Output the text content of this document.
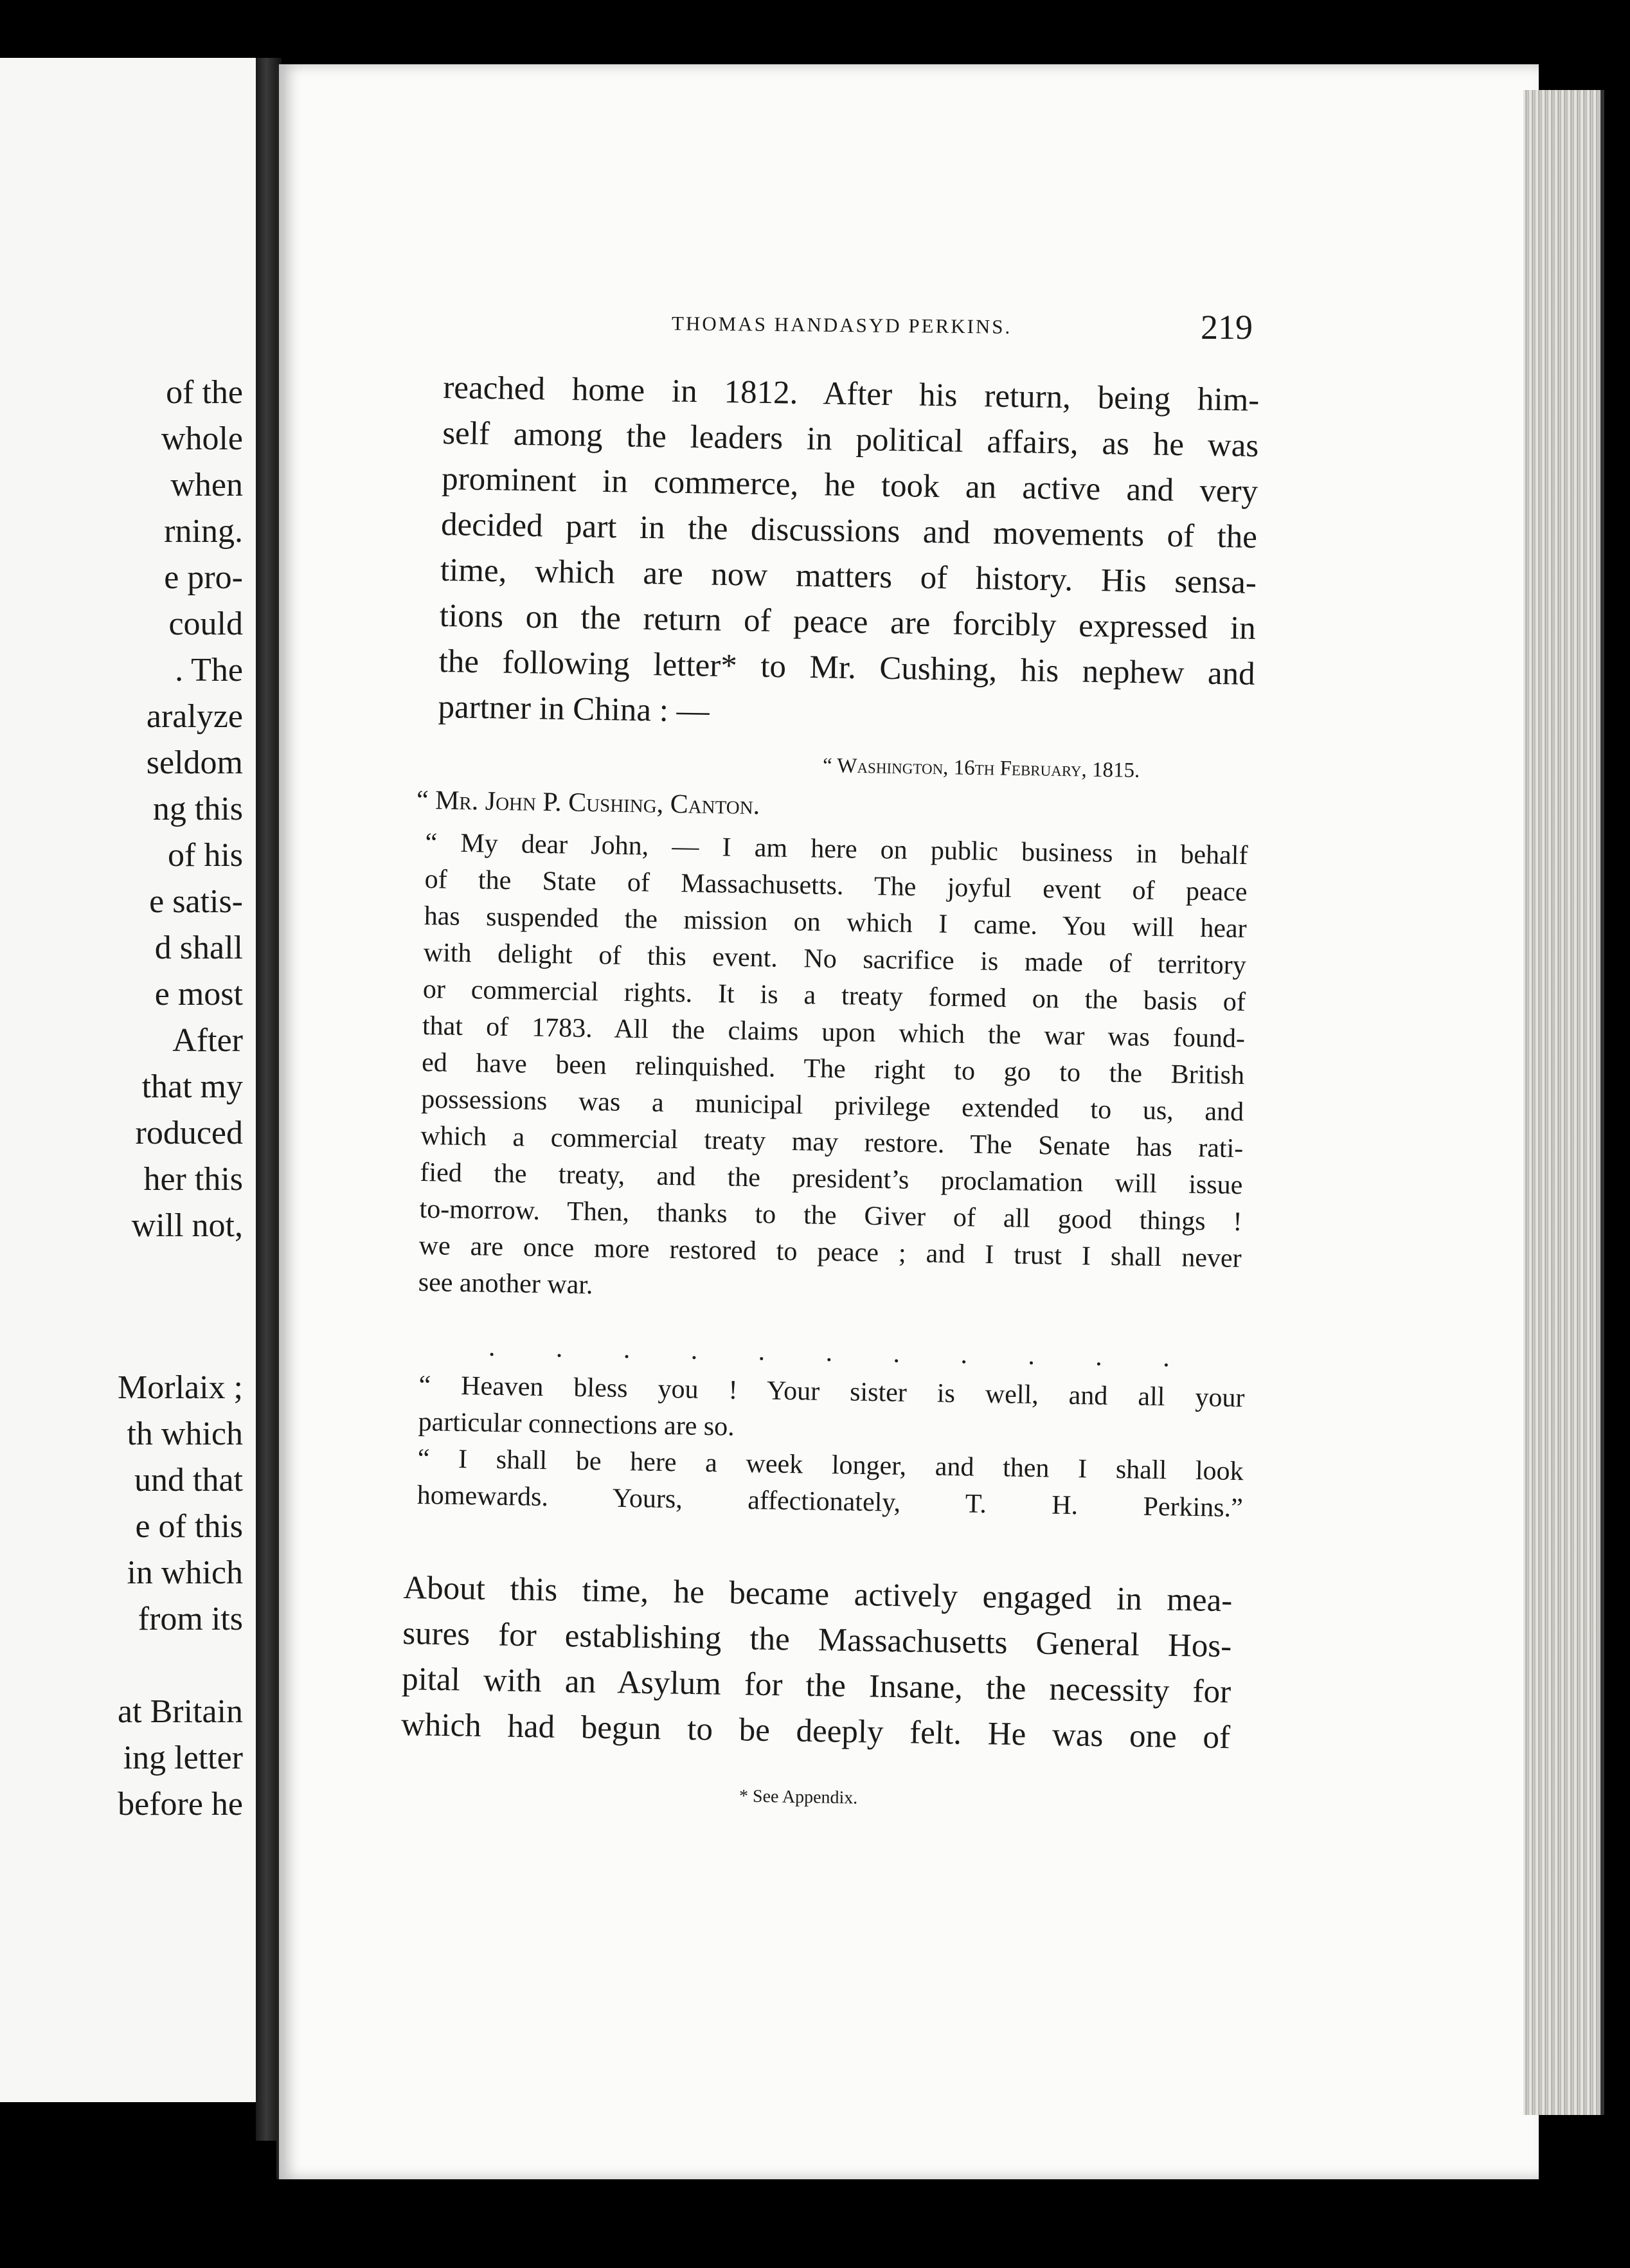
of the
whole
when
rning.
e pro-
could
. The
aralyze
seldom
ng this
of his
e satis-
d shall
e most
After
that my
roduced
her this
will not,
Morlaix ;
th which
und that
e of this
in which
from its
at Britain
ing letter
before he
THOMAS HANDASYD PERKINS.	219
reached home in 1812. After his return, being him-
self among the leaders in political affairs, as he was
prominent in commerce, he took an active and very
decided part in the discussions and movements of the
time, which are now matters of history. His sensa-
tions on the return of peace are forcibly expressed in
the following letter* to Mr. Cushing, his nephew and
partner in China : —
“ Washington, 16th February, 1815.
“ Mr. John P. Cushing, Canton.
“ My dear John, — I am here on public business in behalf
of the State of Massachusetts. The joyful event of peace
has suspended the mission on which I came. You will hear
with delight of this event. No sacrifice is made of territory
or commercial rights. It is a treaty formed on the basis of
that of 1783. All the claims upon which the war was found-
ed have been relinquished. The right to go to the British
possessions was a municipal privilege extended to us, and
which a commercial treaty may restore. The Senate has rati-
fied the treaty, and the president’s proclamation will issue
to-morrow. Then, thanks to the Giver of all good things !
we are once more restored to peace ; and I trust I shall never
see another war.
. . . . . . . . . . .
“ Heaven bless you ! Your sister is well, and all your
particular connections are so.
“ I shall be here a week longer, and then I shall look
homewards. Yours, affectionately, T. H. Perkins.”
About this time, he became actively engaged in mea-
sures for establishing the Massachusetts General Hos-
pital with an Asylum for the Insane, the necessity for
which had begun to be deeply felt. He was one of
* See Appendix.
